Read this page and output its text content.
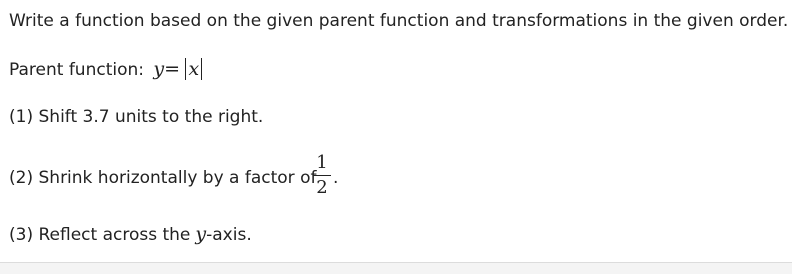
Write a function based on the given parent function and transformations in the given order.
Parent function: y= x
(1) Shift 3.7 units to the right.
(2) Shrink horizontally by a factor of
1
2 .
(3) Reflect across the y-axis.
